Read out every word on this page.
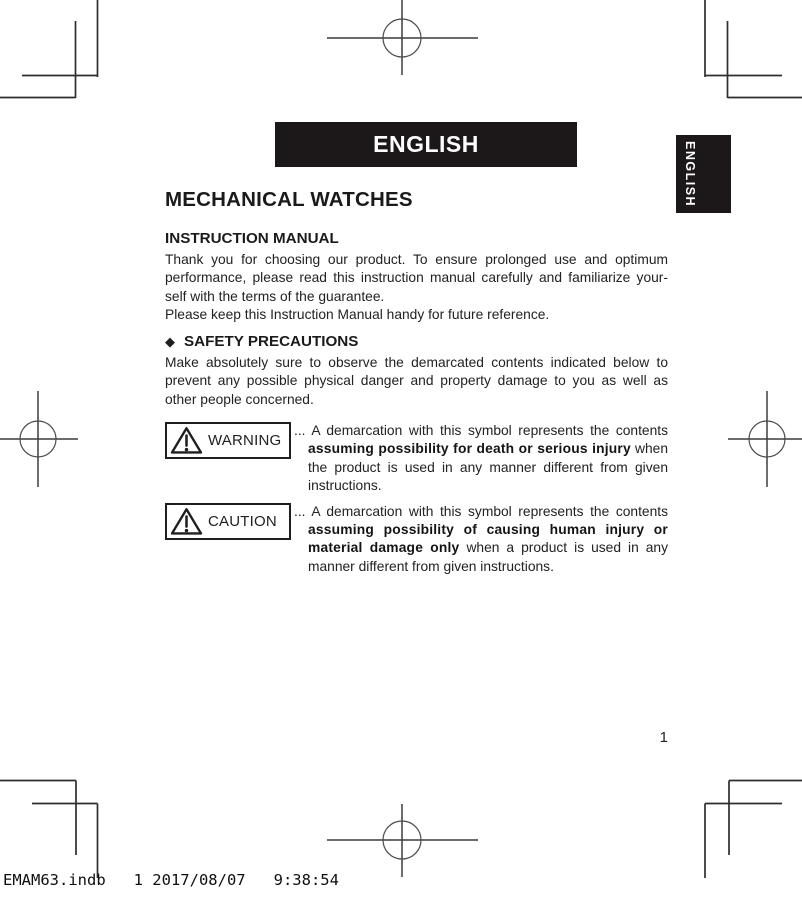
ENGLISH	ENGLISH
MECHANICAL WATCHES
INSTRUCTION MANUAL

Thank you for choosing our product. To ensure prolonged use and optimum performance, please read this instruction manual carefully and familiarize your-self with the terms of the guarantee.

Please keep this Instruction Manual handy for future reference.

◆ SAFETY PRECAUTIONS

Make absolutely sure to observe the demarcated contents indicated below to prevent any possible physical danger and property damage to you as well as other people concerned.

WARNING

... A demarcation with this symbol represents the contents assuming possibility for death or serious injury when the product is used in any manner different from given instructions.

CAUTION

... A demarcation with this symbol represents the contents assuming possibility of causing human injury or material damage only when a product is used in any manner different from given instructions.

1
EMAM63.indb   1 2017/08/07   9:38:54
